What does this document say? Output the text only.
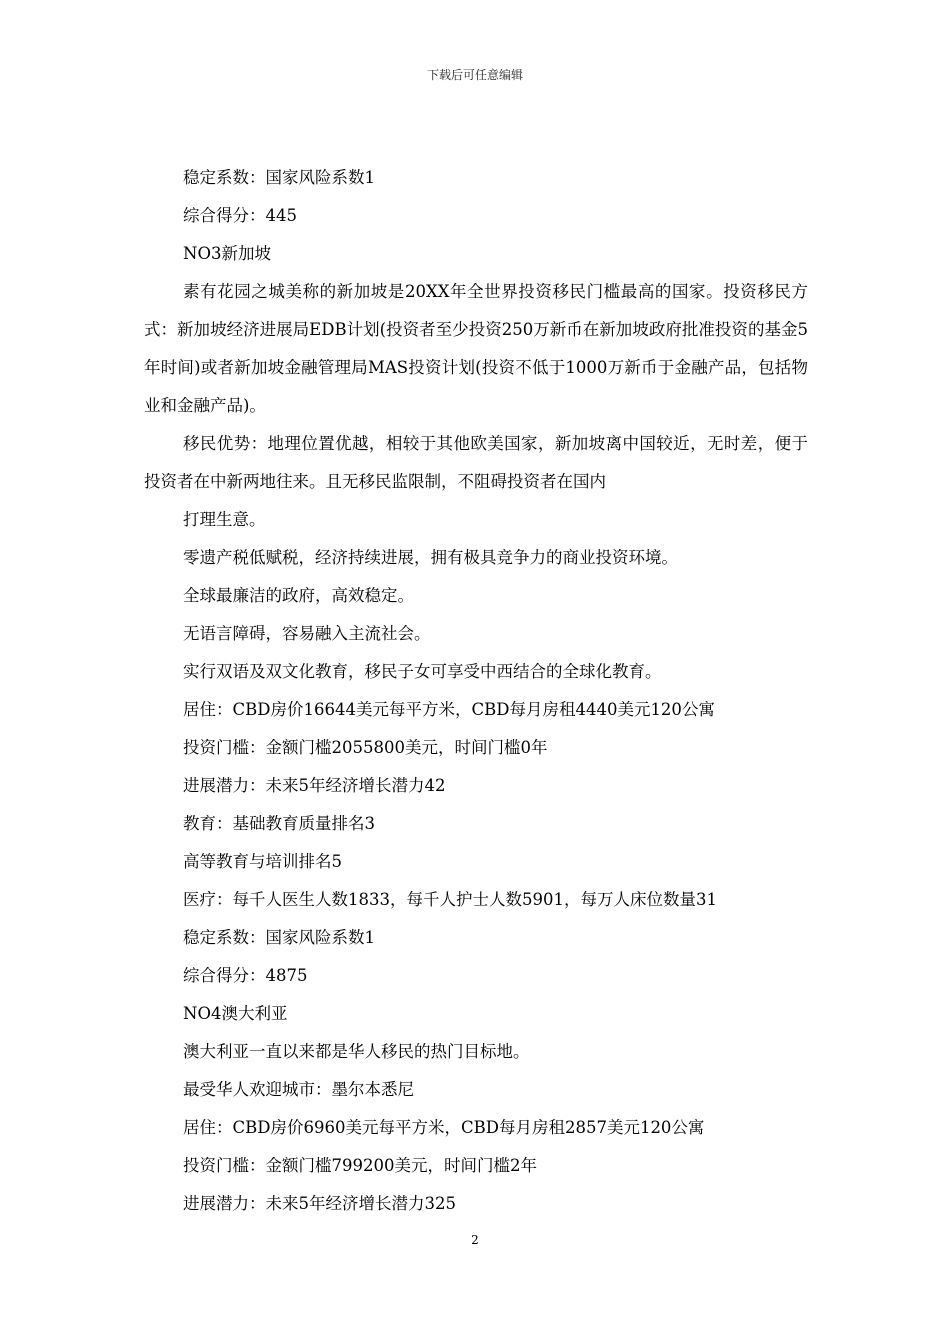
下载后可任意编辑
稳定系数：国家风险系数1
综合得分：445
NO3新加坡
素有花园之城美称的新加坡是20XX年全世界投资移民门槛最高的国家。投资移民方式：新加坡经济进展局EDB计划(投资者至少投资250万新币在新加坡政府批准投资的基金5年时间)或者新加坡金融管理局MAS投资计划(投资不低于1000万新币于金融产品，包括物业和金融产品)。
移民优势：地理位置优越，相较于其他欧美国家，新加坡离中国较近，无时差，便于投资者在中新两地往来。且无移民监限制，不阻碍投资者在国内
打理生意。
零遗产税低赋税，经济持续进展，拥有极具竞争力的商业投资环境。
全球最廉洁的政府，高效稳定。
无语言障碍，容易融入主流社会。
实行双语及双文化教育，移民子女可享受中西结合的全球化教育。
居住：CBD房价16644美元每平方米，CBD每月房租4440美元120公寓
投资门槛：金额门槛2055800美元，时间门槛0年
进展潜力：未来5年经济增长潜力42
教育：基础教育质量排名3
高等教育与培训排名5
医疗：每千人医生人数1833，每千人护士人数5901，每万人床位数量31
稳定系数：国家风险系数1
综合得分：4875
NO4澳大利亚
澳大利亚一直以来都是华人移民的热门目标地。
最受华人欢迎城市：墨尔本悉尼
居住：CBD房价6960美元每平方米，CBD每月房租2857美元120公寓
投资门槛：金额门槛799200美元，时间门槛2年
进展潜力：未来5年经济增长潜力325
2
